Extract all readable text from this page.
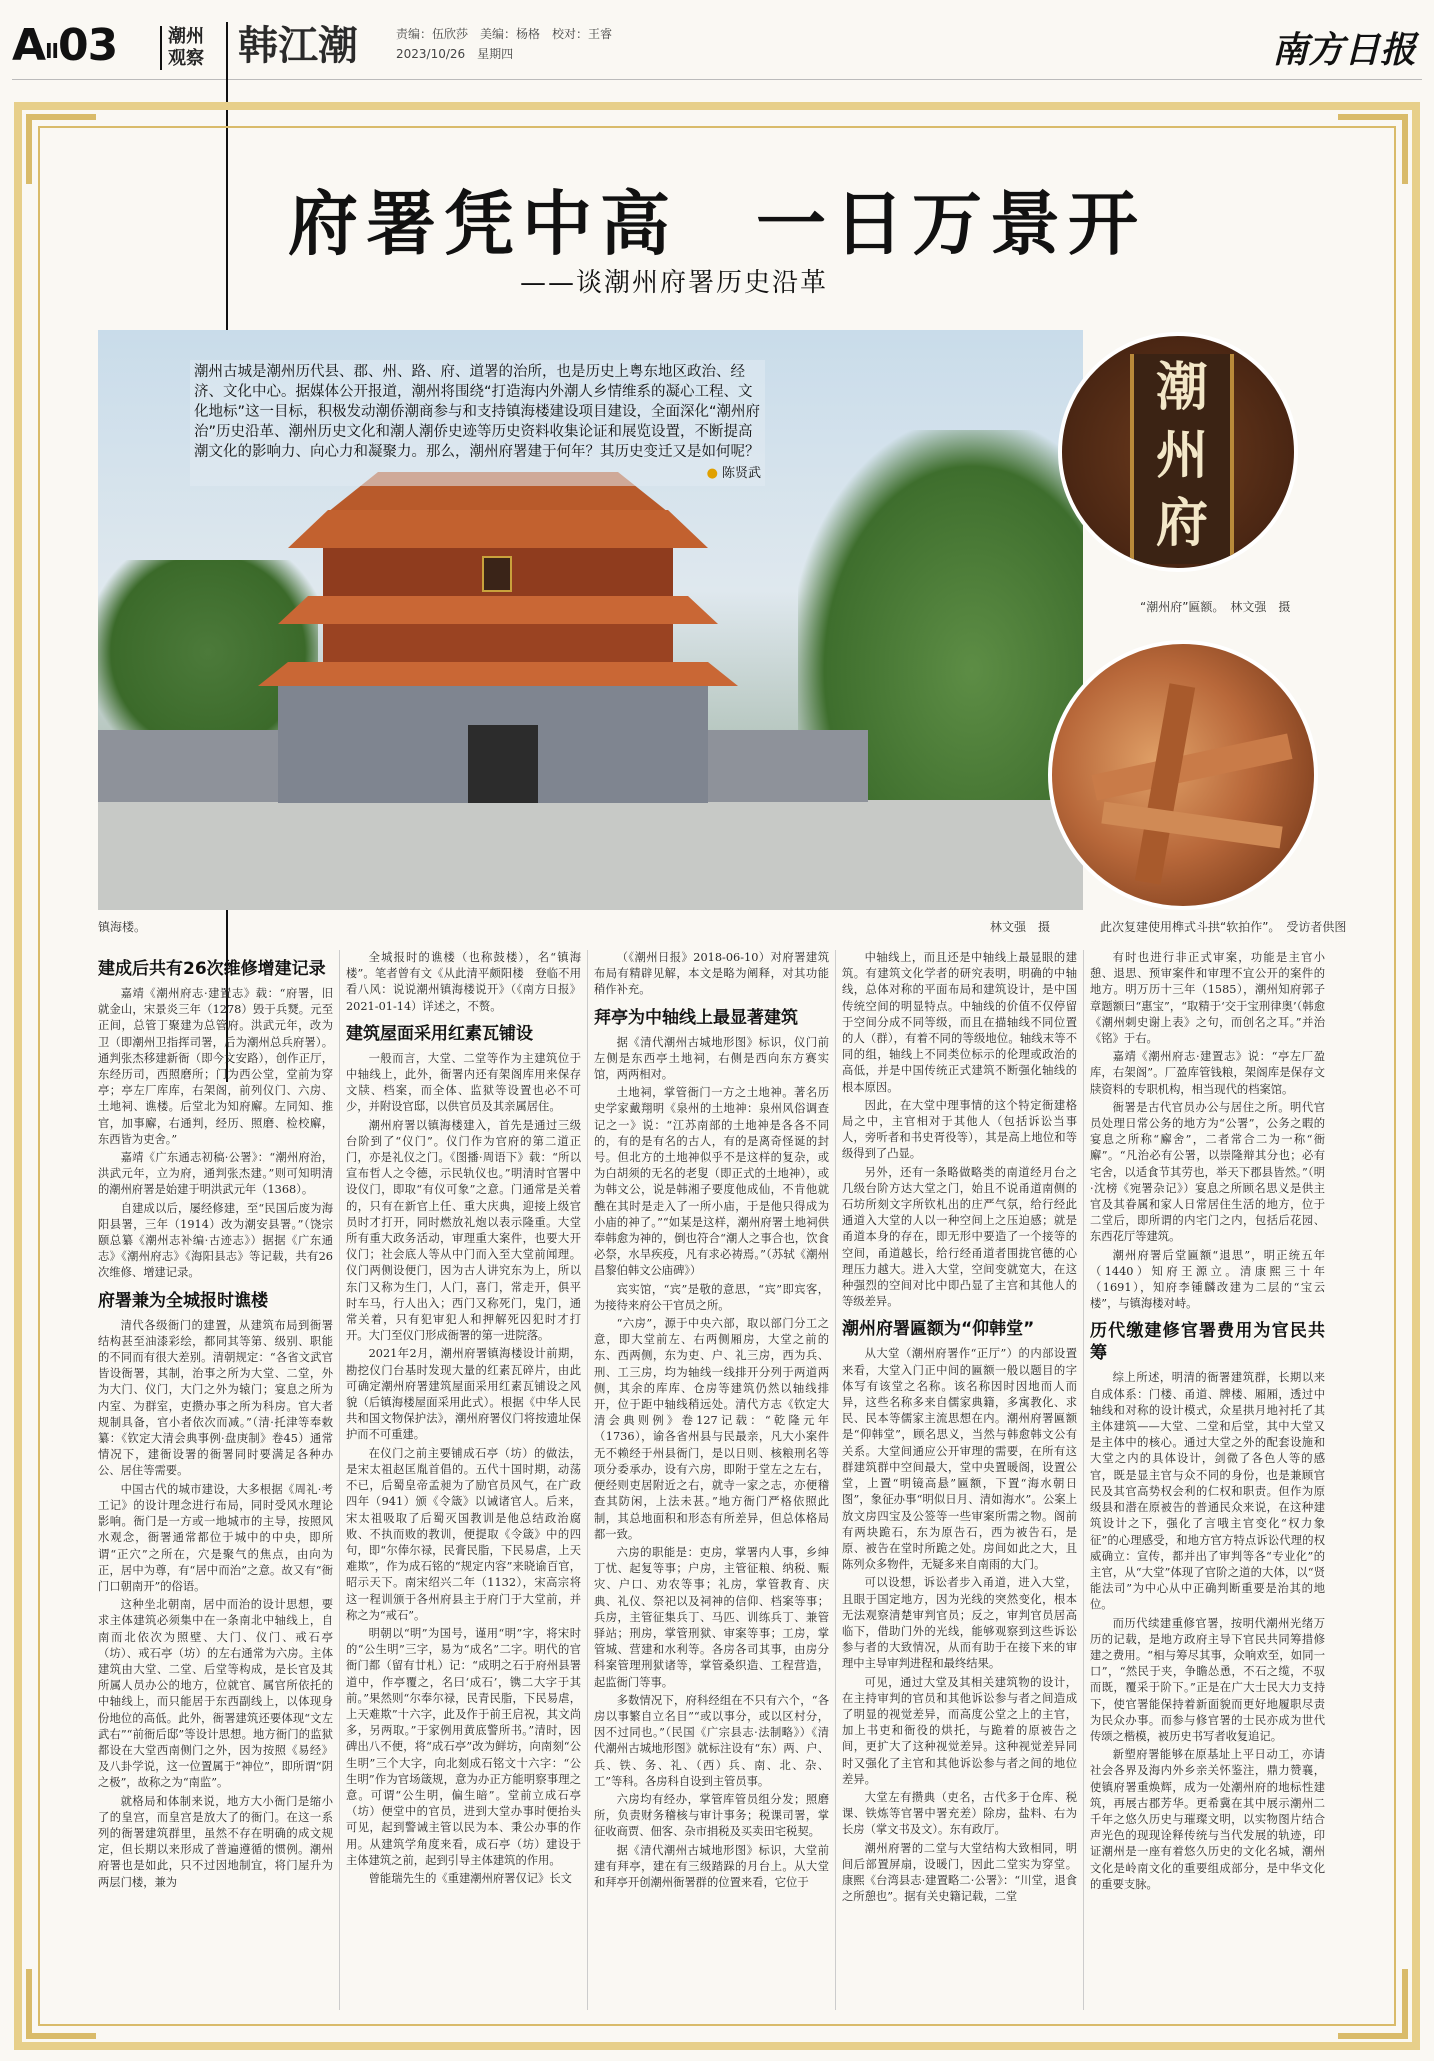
AII03	潮州观察 韩江潮	责编：伍欣莎　美编：杨格　校对：王睿
2023/10/26　星期四	南方日报
府署凭中高　一日万景开
——谈潮州府署历史沿革
潮州古城是潮州历代县、郡、州、路、府、道署的治所，也是历史上粤东地区政治、经济、文化中心。据媒体公开报道，潮州将围绕“打造海内外潮人乡情维系的凝心工程、文化地标”这一目标，积极发动潮侨潮商参与和支持镇海楼建设项目建设，全面深化“潮州府治”历史沿革、潮州历史文化和潮人潮侨史迹等历史资料收集论证和展览设置，不断提高潮文化的影响力、向心力和凝聚力。那么，潮州府署建于何年？其历史变迁又是如何呢？
● 陈贤武
镇海楼。	林文强　摄
潮
州
府
“潮州府”匾额。　林文强　摄
此次复建使用榫式斗拱“软拍作”。　受访者供图
建成后共有26次维修增建记录

嘉靖《潮州府志·建置志》载：“府署，旧就金山，宋景炎三年（1278）毁于兵燹。元至正间，总管丁聚建为总管府。洪武元年，改为卫（即潮州卫指挥司署，后为潮州总兵府署）。通判张杰移建新衙（即今文安路），创作正厅，东经历司，西照磨所；门为西公堂，堂前为穿亭；亭左厂库库，右架阁，前列仪门、六房、土地祠、谯楼。后堂北为知府廨。左同知、推官，加事廨，右通判，经历、照磨、检校廨，东西皆为吏舍。”

嘉靖《广东通志初稿·公署》：“潮州府治，洪武元年，立为府，通判张杰建。”则可知明清的潮州府署是始建于明洪武元年（1368）。

自建成以后，屡经修建，至“民国后废为海阳县署，三年（1914）改为潮安县署。”（饶宗颐总纂《潮州志补编·古迹志》）据据《广东通志》《潮州府志》《海阳县志》等记载，共有26次维修、增建记录。

府署兼为全城报时谯楼

清代各级衙门的建置，从建筑布局到衙署结构甚至油漆彩绘，都同其等第、级别、职能的不同而有很大差别。清朝规定：“各省文武官皆设衙署，其制，治事之所为大堂、二堂，外为大门、仪门，大门之外为辕门；宴息之所为内室、为群室，吏攒办事之所为科房。官大者规制具备，官小者依次而减。”（清·托津等奉敕纂：《钦定大清会典事例·盘庚制》卷45）通常情况下，建衙设署的衙署同时要满足各种办公、居住等需要。

中国古代的城市建设，大多根据《周礼·考工记》的设计理念进行布局，同时受风水理论影响。衙门是一方或一地城市的主导，按照风水观念，衙署通常都位于城中的中央，即所谓“正穴”之所在，穴是聚气的焦点，由向为正，居中为尊，有“居中而治”之意。故又有“衙门口朝南开”的俗语。

这种坐北朝南，居中而治的设计思想，要求主体建筑必须集中在一条南北中轴线上，自南而北依次为照壁、大门、仪门、戒石亭（坊）、戒石亭（坊）的左右通常为六房。主体建筑由大堂、二堂、后堂等构成，是长官及其所属人员办公的地方，位就官、属官所依托的中轴线上，而只能居于东西副线上，以体现身份地位的高低。此外，衙署建筑还要体现“文左武右”“前衙后邸”等设计思想。地方衙门的监狱都设在大堂西南侧门之外，因为按照《易经》及八卦学说，这一位置属于“神位”，即所谓“阴之极”，故称之为“南监”。

就格局和体制来说，地方大小衙门是缩小了的皇宫，而皇宫是放大了的衙门。在这一系列的衙署建筑群里，虽然不存在明确的成文规定，但长期以来形成了普遍遵循的惯例。潮州府署也是如此，只不过因地制宜，将门屋升为两层门楼，兼为

全城报时的谯楼（也称鼓楼），名“镇海楼”。笔者曾有文《从此清平颇阳楼　登临不用看八风：说说潮州镇海楼说开》（《南方日报》2021-01-14）详述之，不赘。

建筑屋面采用红素瓦铺设

一般而言，大堂、二堂等作为主建筑位于中轴线上，此外，衙署内还有架阁库用来保存文牍、档案，而全体、监狱等设置也必不可少，并附设官邸，以供官员及其亲属居住。

潮州府署以镇海楼建入，首先是通过三级台阶到了“仪门”。仪门作为官府的第二道正门，亦是礼仪之门。《图播·周语下》载：“所以宣布哲人之令德，示民轨仪也。”明清时官署中设仪门，即取“有仪可象”之意。门通常是关着的，只有在新官上任、重大庆典，迎接上级官员时才打开，同时燃放礼炮以表示隆重。大堂所有重大政务活动，审理重大案件，也要大开仪门；社会底人等从中门而入至大堂前闻理。仪门两侧设便门，因为古人讲究东为上，所以东门又称为生门，人门，喜门，常走开，俱平时车马，行人出入；西门又称死门，鬼门，通常关着，只有犯审犯人和押解死囚犯时才打开。大门至仪门形成衙署的第一进院落。

2021年2月，潮州府署镇海楼设计前期，勘挖仪门台基时发现大量的红素瓦碎片，由此可确定潮州府署建筑屋面采用红素瓦铺设之风貌（后镇海楼屋面采用此式）。根据《中华人民共和国文物保护法》，潮州府署仪门将按遗址保护而不可重建。

在仪门之前主要铺成石亭（坊）的做法，是宋太祖赵匡胤首倡的。五代十国时期，动荡不已，后蜀皇帝孟昶为了励官员风气，在广政四年（941）颁《令箴》以诫诸官人。后来，宋太祖吸取了后蜀灭国教训是他总结政治腐败、不执而败的教训，便提取《令箴》中的四句，即“尔俸尔禄，民膏民脂，下民易虐，上天难欺”，作为成石铭的“规定内容”来晓谕百官，昭示天下。南宋绍兴二年（1132），宋高宗将这一程训颁于各州府县主于府门于大堂前，并称之为“戒石”。

明朝以“明”为国号，谨用“明”字，将宋时的“公生明”三字，易为“成名”二字。明代的官衙门都（留有廿札）记：“成明之石于府州县署道中，作亭覆之，名曰‘成石’，镌二大字于其前。”果然则“尔奉尔禄，民青民脂，下民易虐，上天难欺”十六字，此及作于前王启祝，其文尚多，另两取。”于家例用黄底警所书。”清时，因碑出八不便，将“成石亭”改为鲜坊，向南刻“公生明”三个大字，向北刻成石铭文十六字：“公生明”作为官场箴规，意为办正方能明察事理之意。可谓“公生明，偏生暗”。堂前立成石亭（坊）便堂中的官员，进到大堂办事时便抬头可见，起到警诫主管以民为本、秉公办事的作用。从建筑学角度来看，成石亭（坊）建设于主体建筑之前，起到引导主体建筑的作用。

曾能瑞先生的《重建潮州府署仅记》长文

（《潮州日报》2018-06-10）对府署建筑布局有精辟见解，本文是略为阐释，对其功能稍作补充。

拜亭为中轴线上最显著建筑

据《清代潮州古城地形图》标识，仪门前左侧是东西亭土地祠，右侧是西向东方赛实馆，两两相对。

土地祠，掌管衙门一方之土地神。著名历史学家戴翔明《泉州的土地神：泉州风俗调查记之一》说：“江苏南部的土地神是各各不同的，有的是有名的古人，有的是离奇怪诞的封号。但北方的土地神似乎不是这样的复杂，或为白胡须的无名的老叟（即正式的土地神），或为韩文公，说是韩湘子要度他成仙，不肯他就醮在其时是走入了一所小庙，于是他只得成为小庙的神了。”“如某是这样，潮州府署土地祠供奉韩愈为神的，倒也符合“潮人之事合也，饮食必祭，水旱疾疫，凡有求必祷焉。”（苏轼《潮州昌黎伯韩文公庙碑》）

宾实馆，“宾”是敬的意思，“宾”即宾客，为接待来府公干官员之所。

“六房”，源于中央六部，取以部门分工之意，即大堂前左、右两侧厢房，大堂之前的东、西两侧，东为吏、户、礼三房，西为兵、刑、工三房，均为轴线一线排开分列于两道两侧，其余的库库、仓房等建筑仍然以轴线排开，位于距中轴线稍远处。清代方志《钦定大清会典则例》卷127记载：“乾隆元年（1736），谕各省州县与民最亲，凡大小案件无不赖经于州县衙门，是以日则、核粮刑名等项分委承办，设有六房，即附于堂左之左右，便经则吏居附近之右，就寺一家之志，亦便稽查其防闲，上法未甚。”地方衙门严格依照此制，其总地面积和形态有所差异，但总体格局都一致。

六房的职能是：吏房，掌署内人事，乡绅丁忧、起复等事；户房，主管征粮、纳税、赈灾、户口、劝农等事；礼房，掌管教育、庆典、礼仪、祭祀以及祠神的信仰、档案等事；兵房，主管征集兵丁、马匹、训练兵丁、兼管驿站；刑房，掌管刑狱、审案等事；工房，掌管城、营建和水利等。各房各司其事，由房分科案管理刑狱诸等，掌管桑织造、工程营造，起监衙门等事。

多数情况下，府科经组在不只有六个，“各房以事繁自立名目”“或以事分，或以区村分，因不过同也。”（民国《广宗县志·法制略》）《清代潮州古城地形图》就标注设有“东）两、户、兵、铁、务、礼、（西）兵、南、北、杂、工”等科。各房科自设到主管员事。

六房均有经办，掌管库管员组分发；照磨所，负责财务稽核与审计事务；税课司署，掌征收商贾、佃客、杂市捐税及买卖田宅税契。

据《清代潮州古城地形图》标识，大堂前建有拜亭，建在有三级踏跺的月台上。从大堂和拜亭开创潮州衙署群的位置来看，它位于

中轴线上，而且还是中轴线上最显眼的建筑。有建筑文化学者的研究表明，明确的中轴线，总体对称的平面布局和建筑设计，是中国传统空间的明显特点。中轴线的价值不仅停留于空间分成不同等级，而且在描轴线不同位置的人（群），有着不同的等级地位。轴线末等不同的组，轴线上不同类位标示的伦理或政治的高低，并是中国传统正式建筑不断强化轴线的根本原因。

因此，在大堂中理事情的这个特定衙建格局之中，主官相对于其他人（包括诉讼当事人，旁听者和书史胥役等），其是高上地位和等级得到了凸显。

另外，还有一条略做略类的南道经月台之几级台阶方达大堂之门，始且不说甬道南侧的石坊所刻文字所钦札出的庄严气氛，给行经此通道入大堂的人以一种空间上之压迫感；就是甬道本身的存在，即无形中要造了一个接等的空间，甬道越长，给行经甬道者围拢官德的心理压力越大。进入大堂，空间变就宽大，在这种强烈的空间对比中即凸显了主宫和其他人的等级差异。

潮州府署匾额为“仰韩堂”

从大堂（潮州府署作“正厅”）的内部设置来看，大堂入门正中间的匾额一般以题目的字体写有该堂之名称。该名称因时因地而人而异，这些名称多来自儒家典籍，多寓教化、求民、民本等儒家主流思想在内。潮州府署匾额是“仰韩堂”，顾名思义，当然与韩愈韩文公有关系。大堂间通应公开审理的需要，在所有这群建筑群中空间最大，堂中央置暖阁，设置公堂，上置“明镜高悬”匾额，下置“海水朝日图”，象征办事“明似日月、清如海水”。公案上放文房四宝及公签等一些审案所需之物。阁前有两块跪石，东为原告石，西为被告石，是原、被告在堂时所跪之处。房间如此之大，且陈列众多物件，无疑多来自南雨的大门。

可以设想，诉讼者步入甬道，进入大堂，且眼于国定地方，因为光线的突然变化，根本无法观察清楚审判官员；反之，审判官员居高临下，借助门外的光线，能够观察到这些诉讼参与者的大致情况，从而有助于在接下来的审理中主导审判进程和最终结果。

可见，通过大堂及其相关建筑物的设计，在主持审判的官员和其他诉讼参与者之间造成了明显的视觉差异，而高度公堂之上的主官，加上书吏和衙役的烘托，与跪着的原被告之间，更扩大了这种视觉差异。这种视觉差异同时又强化了主官和其他诉讼参与者之间的地位差异。

大堂左有攒典（吏名，古代多于仓库、税课、铁炼等官署中署充差）除房，盐料、右为长房（掌文书及文）。东有政厅。

潮州府署的二堂与大堂结构大致相同，明间后部置屏扇，设暖门，因此二堂实为穿堂。康熙《台湾县志·建置略二·公署》：“川堂，退食之所憩也”。据有关史籍记载，二堂

有时也进行非正式审案，功能是主官小憩、退思、预审案件和审理不宜公开的案件的地方。明万历十三年（1585），潮州知府郭子章题额曰“惠宝”，“取精于‘交于宝刑律奥’（韩愈《潮州刺史谢上表》之句，而创名之耳。”并治《铭》于右。

嘉靖《潮州府志·建置志》说：“亭左厂盈库，右架阁”。厂盈库管钱粮，架阁库是保存文牍资料的专职机构，相当现代的档案馆。

衙署是古代官员办公与居住之所。明代官员处理日常公务的地方为“公署”，公务之暇的宴息之所称“廨舍”，二者常合二为一称“衙廨”。“凡治必有公署，以崇隆辩其分也；必有宅舍，以适食节其劳也，举天下郡县皆然。”（明·沈榜《宛署杂记》）宴息之所顾名思义是供主官及其眷属和家人日常居住生活的地方，位于二堂后，即所谓的内宅门之内，包括后花园、东西花厅等建筑。

潮州府署后堂匾额“退思”，明正统五年（1440）知府王源立。清康熙三十年（1691），知府李锺麟改建为二层的“宝云楼”，与镇海楼对峙。

历代缴建修官署费用为官民共筹

综上所述，明清的衙署建筑群，长期以来自成体系：门楼、甬道、牌楼、厢厢，透过中轴线和对称的设计模式，众星拱月地衬托了其主体建筑——大堂、二堂和后堂，其中大堂又是主体中的核心。通过大堂之外的配套设施和大堂之内的具体设计，剑微了各色人等的感官，既是显主官与众不同的身份，也是兼顾官民及其官高势权会利的仁权和职责。但作为原级县和潜在原被告的普通民众来说，在这种建筑设计之下，强化了言哦主官变化“权力象征”的心理感受，和地方官方特点诉讼代理的权威确立：宣传，都并出了审判等各“专业化”的主官，从“大堂”体现了官阶之道的大体，以“贤能法司”为中心从中正确判断重要是治其的地位。

而历代续建重修官署，按明代潮州光绪万历的记载，是地方政府主导下官民共同筹措修建之费用。“相与筹尽其事，众响欢至，如同一口”，“然民于夹，争瞻怂恿，不石之缆，不驭而既，覆采于阶下。”正是在广大士民大力支持下，使官署能保持着新面貌而更好地履职尽责为民众办事。而参与修官署的士民亦成为世代传颂之楷模，被历史书写者收复追记。

新塑府署能够在原基址上平日动工，亦请社会各界及海内外乡亲关怀鉴注，鼎力赞襄，使镇府署重焕辉，成为一处潮州府的地标性建筑，再展古郡芳华。更希冀在其中展示潮州二千年之悠久历史与璀璨文明，以实物图片结合声光色的现现诠释传统与当代发展的轨迹，印证潮州是一座有着悠久历史的文化名城，潮州文化是岭南文化的重要组成部分，是中华文化的重要支脉。
